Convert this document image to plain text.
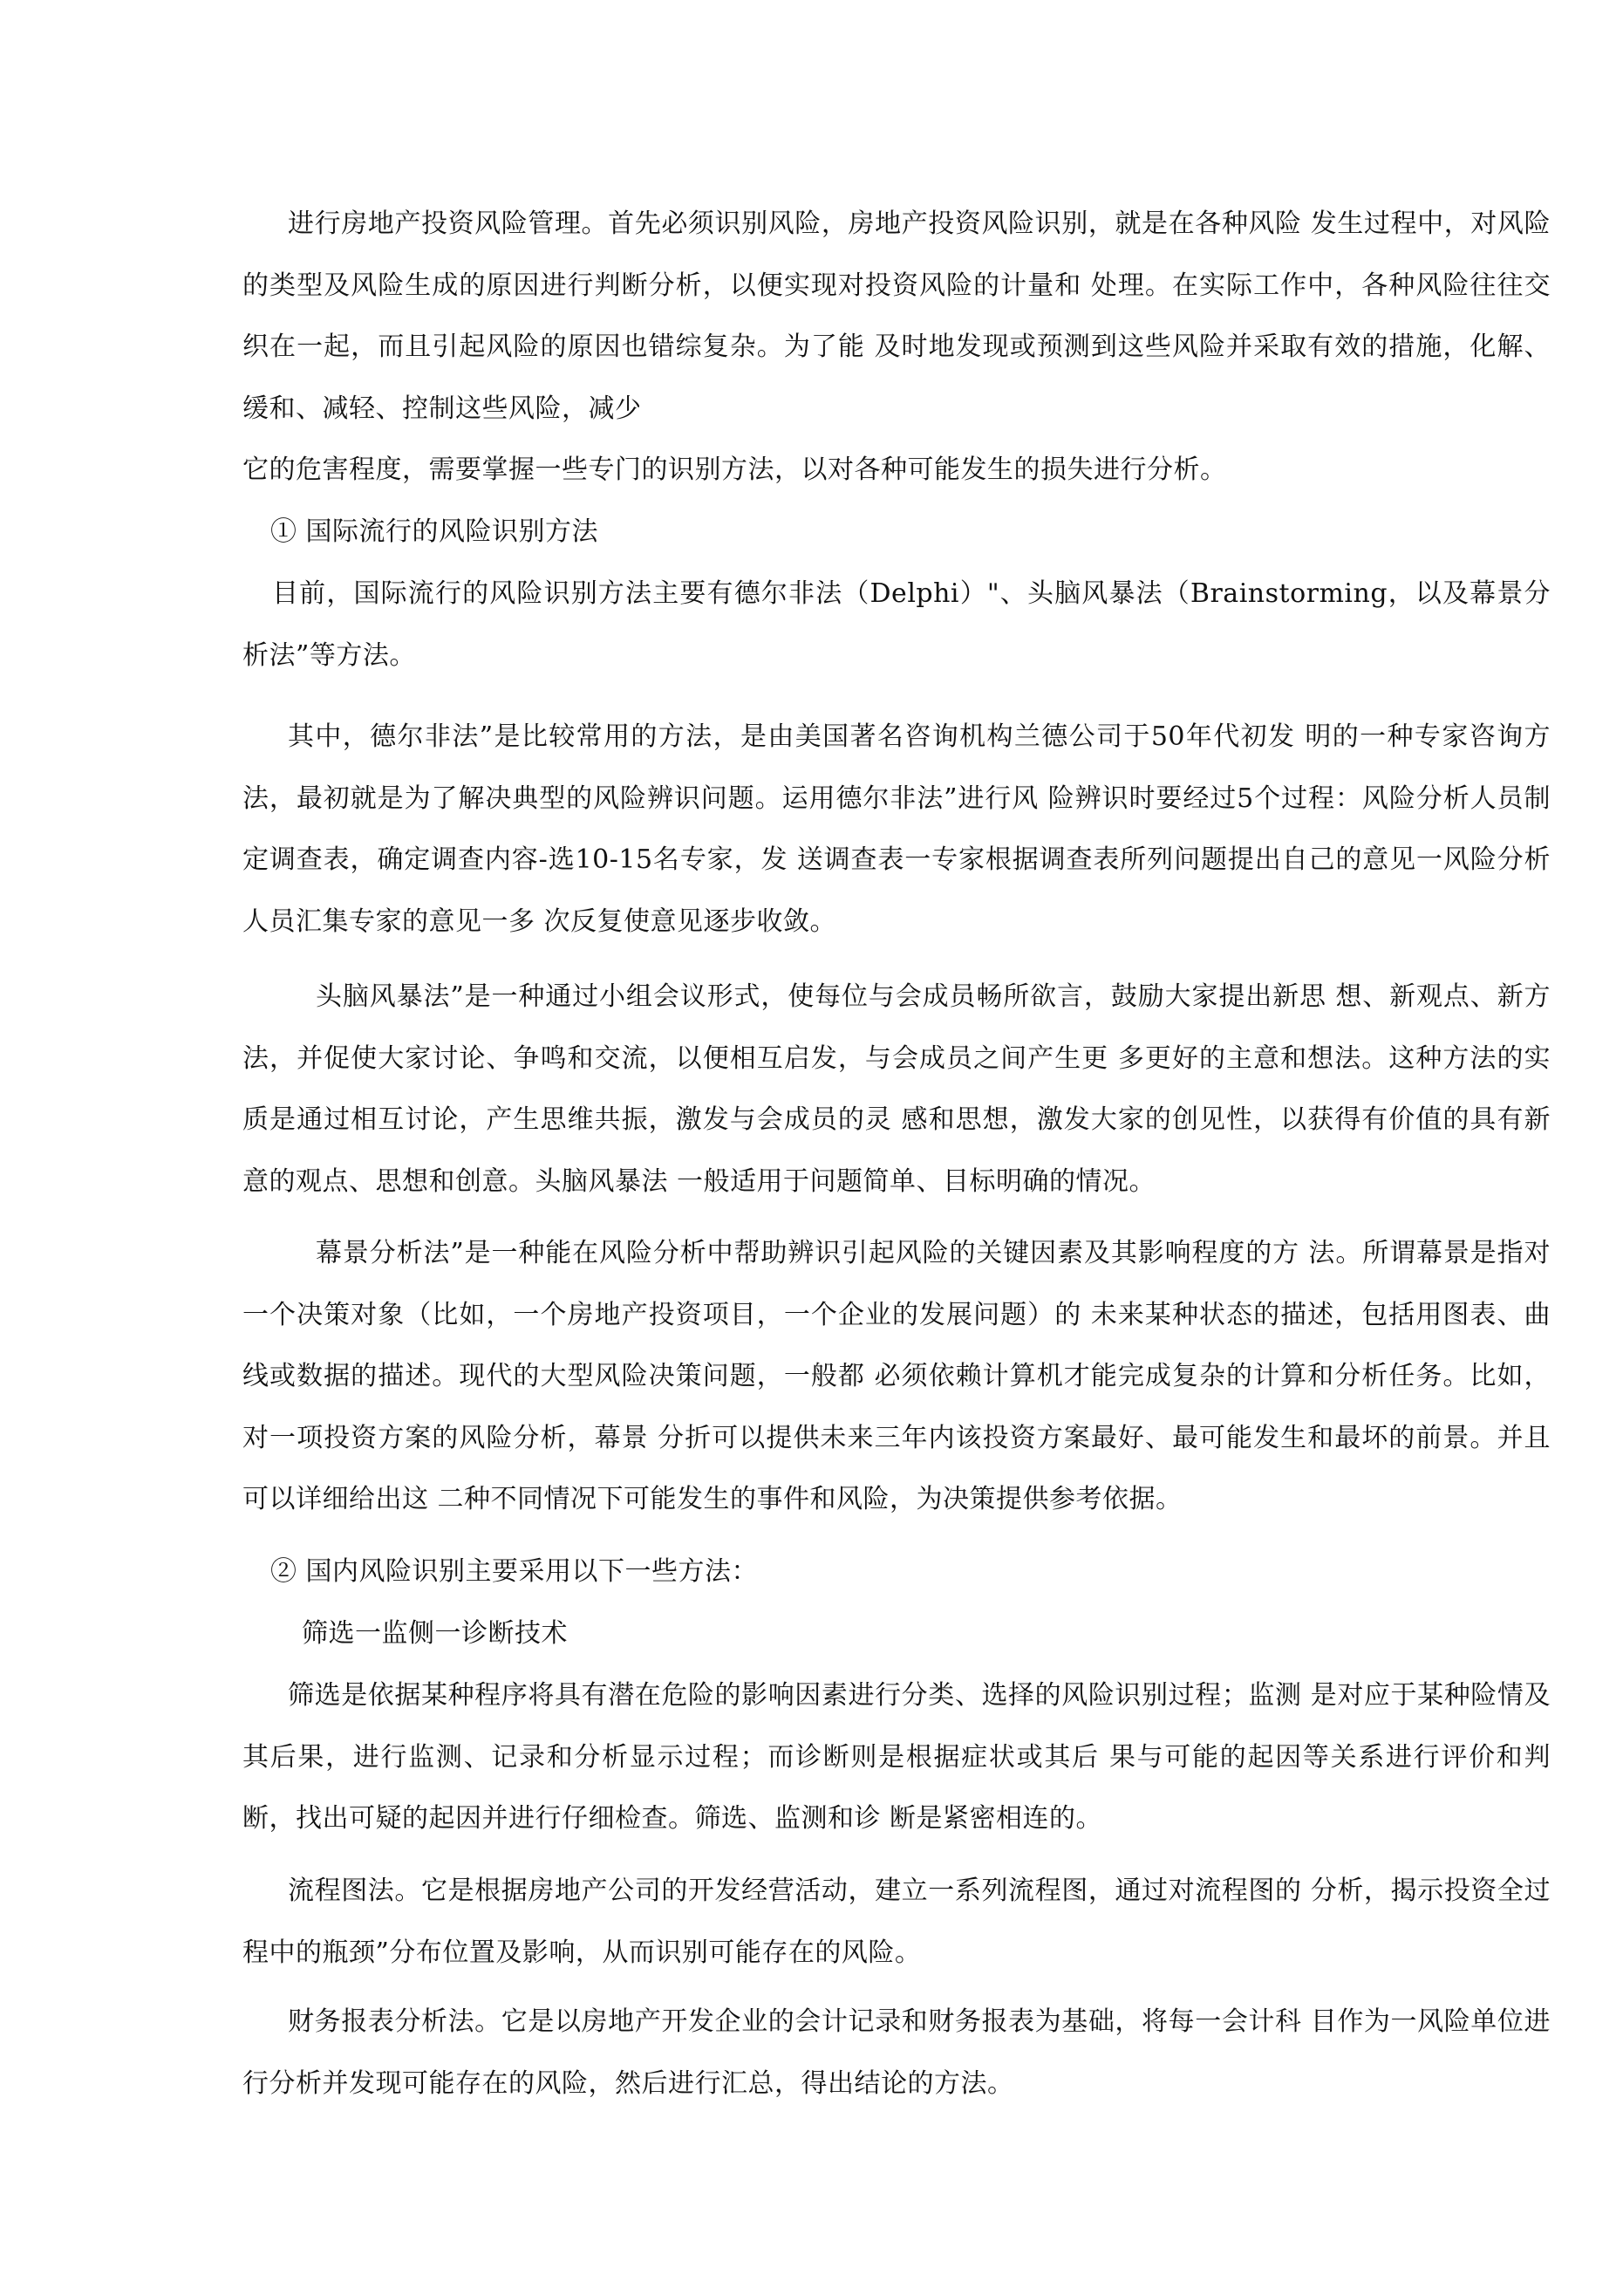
进行房地产投资风险管理。首先必须识别风险，房地产投资风险识别，就是在各种风险 发生过程中，对风险的类型及风险生成的原因进行判断分析，以便实现对投资风险的计量和 处理。在实际工作中，各种风险往往交织在一起，而且引起风险的原因也错综复杂。为了能 及时地发现或预测到这些风险并采取有效的措施，化解、缓和、减轻、控制这些风险，减少

它的危害程度，需要掌握一些专门的识别方法，以对各种可能发生的损失进行分析。

① 国际流行的风险识别方法

目前，国际流行的风险识别方法主要有德尔非法（Delphi）"、头脑风暴法（Brainstorming，以及幕景分析法”等方法。

其中，德尔非法”是比较常用的方法，是由美国著名咨询机构兰德公司于50年代初发 明的一种专家咨询方法，最初就是为了解决典型的风险辨识问题。运用德尔非法”进行风 险辨识时要经过5个过程：风险分析人员制定调查表，确定调查内容-选10-15名专家，发 送调查表一专家根据调查表所列问题提出自己的意见一风险分析人员汇集专家的意见一多 次反复使意见逐步收敛。

头脑风暴法”是一种通过小组会议形式，使每位与会成员畅所欲言，鼓励大家提出新思 想、新观点、新方法，并促使大家讨论、争鸣和交流，以便相互启发，与会成员之间产生更 多更好的主意和想法。这种方法的实质是通过相互讨论，产生思维共振，激发与会成员的灵 感和思想，激发大家的创见性，以获得有价值的具有新意的观点、思想和创意。头脑风暴法 一般适用于问题简单、目标明确的情况。

幕景分析法”是一种能在风险分析中帮助辨识引起风险的关键因素及其影响程度的方 法。所谓幕景是指对一个决策对象（比如，一个房地产投资项目，一个企业的发展问题）的 未来某种状态的描述，包括用图表、曲线或数据的描述。现代的大型风险决策问题，一般都 必须依赖计算机才能完成复杂的计算和分析任务。比如，对一项投资方案的风险分析，幕景 分折可以提供未来三年内该投资方案最好、最可能发生和最坏的前景。并且可以详细给出这 二种不同情况下可能发生的事件和风险，为决策提供参考依据。

② 国内风险识别主要采用以下一些方法：

筛选一监侧一诊断技术

筛选是依据某种程序将具有潜在危险的影响因素进行分类、选择的风险识别过程；监测 是对应于某种险情及其后果，进行监测、记录和分析显示过程；而诊断则是根据症状或其后 果与可能的起因等关系进行评价和判断，找出可疑的起因并进行仔细检查。筛选、监测和诊 断是紧密相连的。

流程图法。它是根据房地产公司的开发经营活动，建立一系列流程图，通过对流程图的 分析，揭示投资全过程中的瓶颈”分布位置及影响，从而识别可能存在的风险。

财务报表分析法。它是以房地产开发企业的会计记录和财务报表为基础，将每一会计科 目作为一风险单位进行分析并发现可能存在的风险，然后进行汇总，得出结论的方法。
